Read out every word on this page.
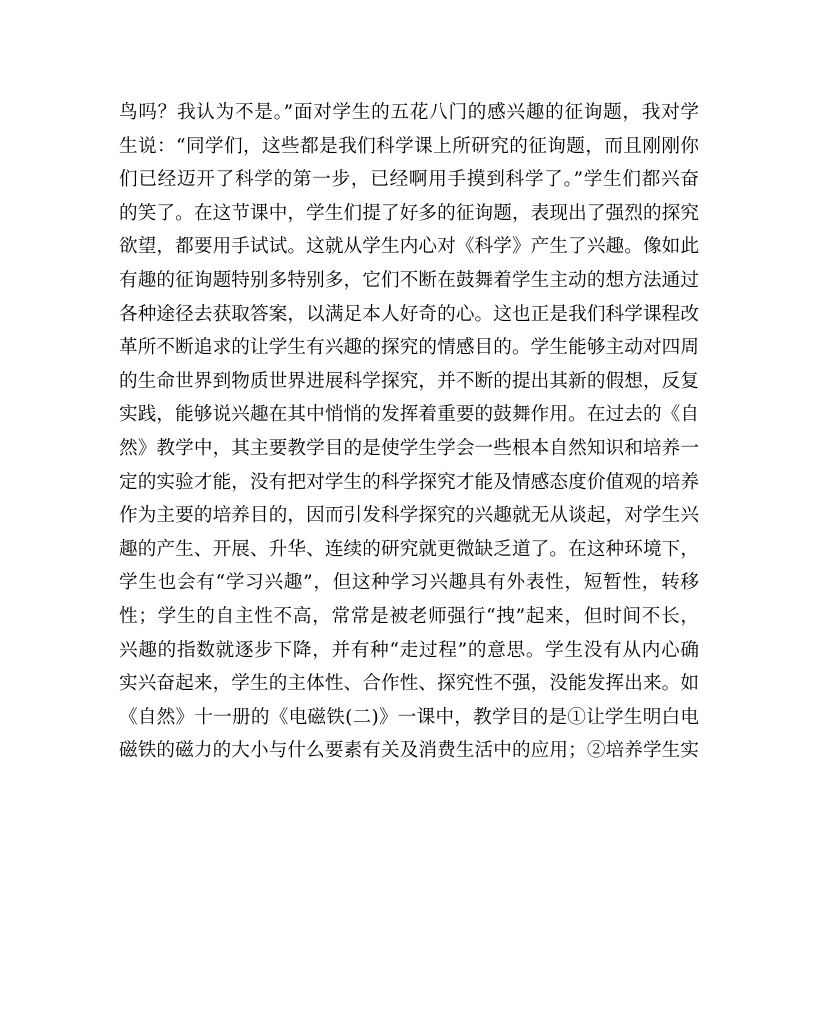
鸟吗？我认为不是。”面对学生的五花八门的感兴趣的征询题，我对学
生说：“同学们，这些都是我们科学课上所研究的征询题，而且刚刚你
们已经迈开了科学的第一步，已经啊用手摸到科学了。”学生们都兴奋
的笑了。在这节课中，学生们提了好多的征询题，表现出了强烈的探究
欲望，都要用手试试。这就从学生内心对《科学》产生了兴趣。像如此
有趣的征询题特别多特别多，它们不断在鼓舞着学生主动的想方法通过
各种途径去获取答案，以满足本人好奇的心。这也正是我们科学课程改
革所不断追求的让学生有兴趣的探究的情感目的。学生能够主动对四周
的生命世界到物质世界进展科学探究，并不断的提出其新的假想，反复
实践，能够说兴趣在其中悄悄的发挥着重要的鼓舞作用。在过去的《自
然》教学中，其主要教学目的是使学生学会一些根本自然知识和培养一
定的实验才能，没有把对学生的科学探究才能及情感态度价值观的培养
作为主要的培养目的，因而引发科学探究的兴趣就无从谈起，对学生兴
趣的产生、开展、升华、连续的研究就更微缺乏道了。在这种环境下，
学生也会有“学习兴趣”，但这种学习兴趣具有外表性，短暂性，转移
性；学生的自主性不高，常常是被老师强行“拽”起来，但时间不长，
兴趣的指数就逐步下降，并有种“走过程”的意思。学生没有从内心确
实兴奋起来，学生的主体性、合作性、探究性不强，没能发挥出来。如
《自然》十一册的《电磁铁(二)》一课中，教学目的是①让学生明白电
磁铁的磁力的大小与什么要素有关及消费生活中的应用；②培养学生实
